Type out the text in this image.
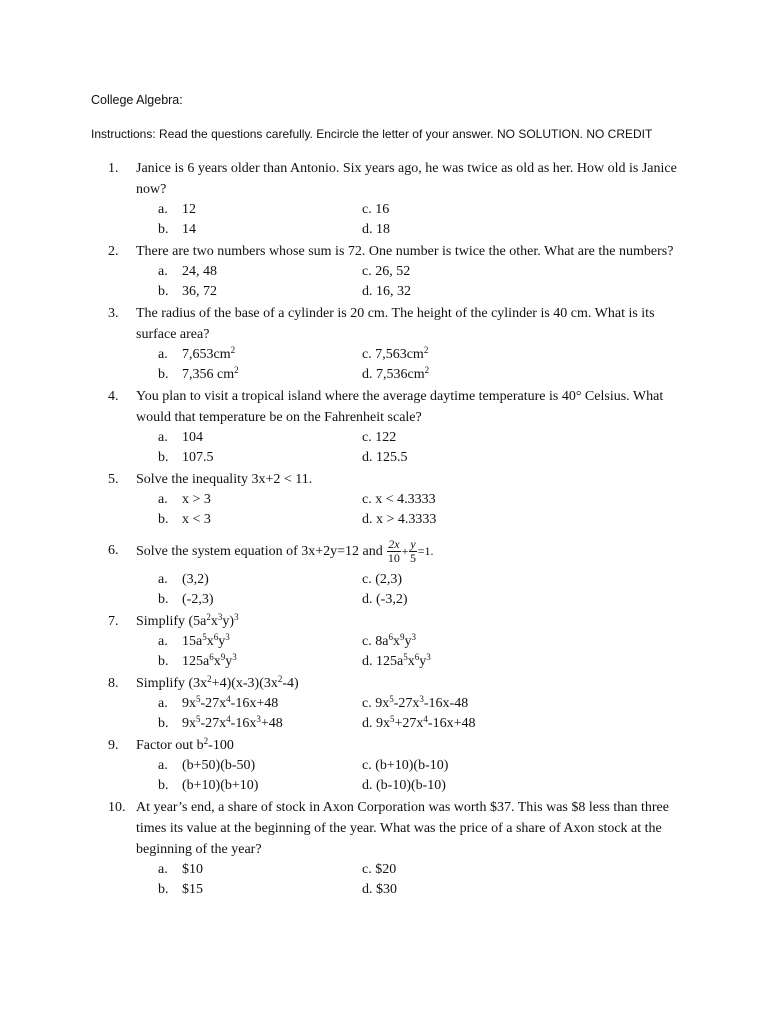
College Algebra:
Instructions: Read the questions carefully. Encircle the letter of your answer. NO SOLUTION. NO CREDIT
1.	Janice is 6 years older than Antonio. Six years ago, he was twice as old as her. How old is Janice now?
a. 12
b. 14
c. 16
d. 18
2.	There are two numbers whose sum is 72. One number is twice the other. What are the numbers?
a. 24, 48
b. 36, 72
c. 26, 52
d. 16, 32
3.	The radius of the base of a cylinder is 20 cm. The height of the cylinder is 40 cm. What is its surface area?
a. $7,653cm^2$
b. 7,356 $cm^2$
c. $7,563cm^2$
d. $7,536cm^2$
4.	You plan to visit a tropical island where the average daytime temperature is 40° Celsius. What would that temperature be on the Fahrenheit scale?
a. 104
b. 107.5
c. 122
d. 125.5
5.	Solve the inequality 3x+2 < 11.
a. x > 3
b. x < 3
c. x < 4.3333
d. x > 4.3333
6.	Solve the system equation of 3x+2y=12 and $\frac{2x}{10} + \frac{y}{5} =1$.
a. (3,2)
b. (-2,3)
c. (2,3)
d. (-3,2)
7.	Simplify $(5a^2x^3y)^3$
a. $15a^5x^6y^3$
b. $125a^6x^9y^3$
c. $8a^6x^9y^3$
d. $125a^5x^6y^3$
8.	Simplify $(3x^2+4)(x-3)(3x^2-4)$
a. $9x^5-27x^4-16x+48$
b. $9x^5-27x^4-16x^3+48$
c. $9x^5-27x^3-16x-48$
d. $9x^5+27x^4-16x+48$
9.	Factor out $b^2-100$
a. (b+50)(b-50)
b. (b+10)(b+10)
c. (b+10)(b-10)
d. (b-10)(b-10)
10. At year’s end, a share of stock in Axon Corporation was worth $37. This was $8 less than three times its value at the beginning of the year. What was the price of a share of Axon stock at the beginning of the year?
a. $10
b. $15
c. $20
d. $30
